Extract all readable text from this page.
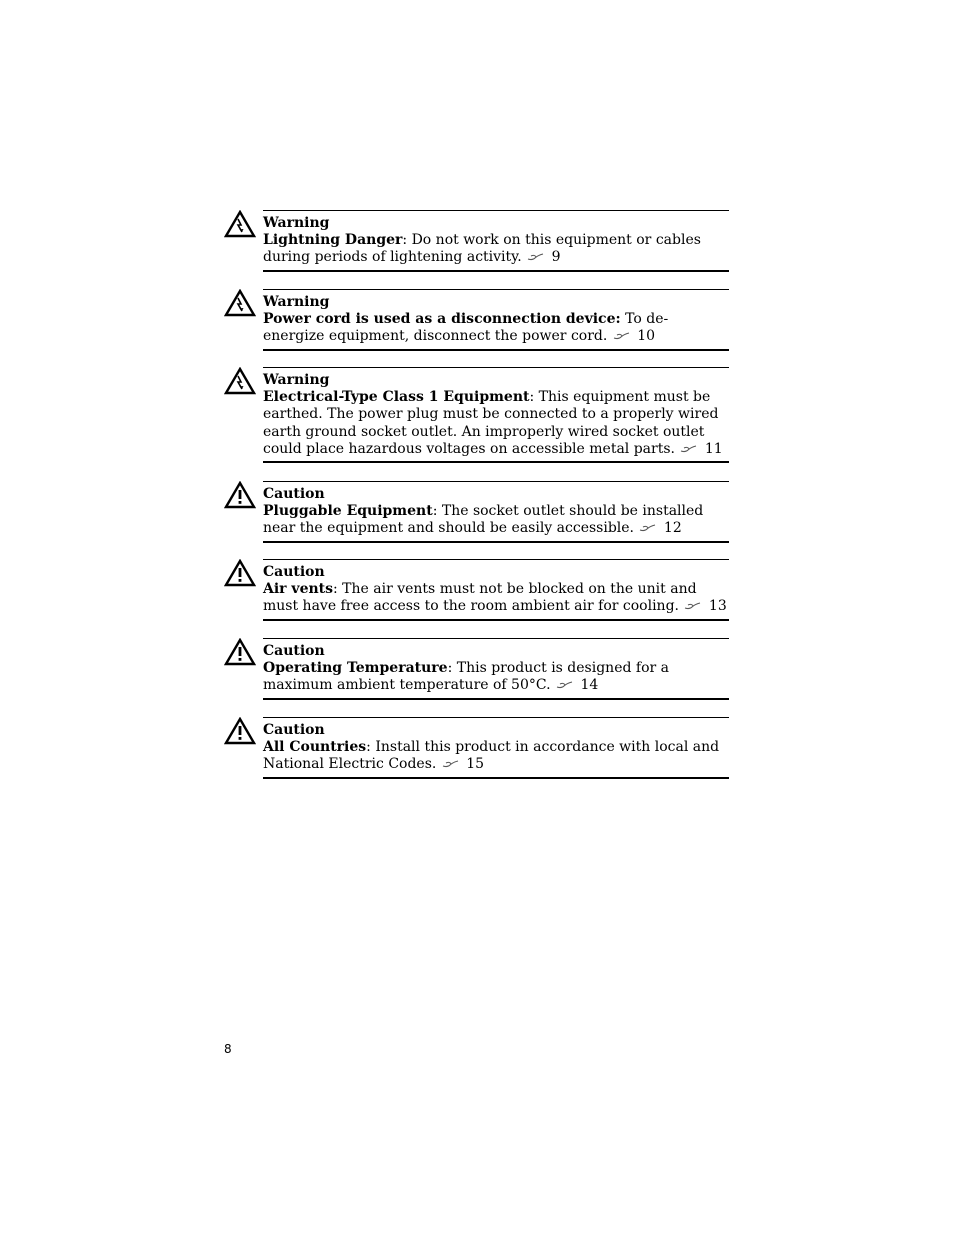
Warning

Lightning Danger: Do not work on this equipment or cables during periods of lightening activity. 9

Warning

Power cord is used as a disconnection device: To de-energize equipment, disconnect the power cord. 10

Warning

Electrical-Type Class 1 Equipment: This equipment must be earthed. The power plug must be connected to a properly wired earth ground socket outlet. An improperly wired socket outlet could place hazardous voltages on accessible metal parts. 11

Caution

Pluggable Equipment: The socket outlet should be installed near the equipment and should be easily accessible. 12

Caution

Air vents: The air vents must not be blocked on the unit and must have free access to the room ambient air for cooling. 13

Caution

Operating Temperature: This product is designed for a maximum ambient temperature of 50°C. 14

Caution

All Countries: Install this product in accordance with local and National Electric Codes. 15

8
